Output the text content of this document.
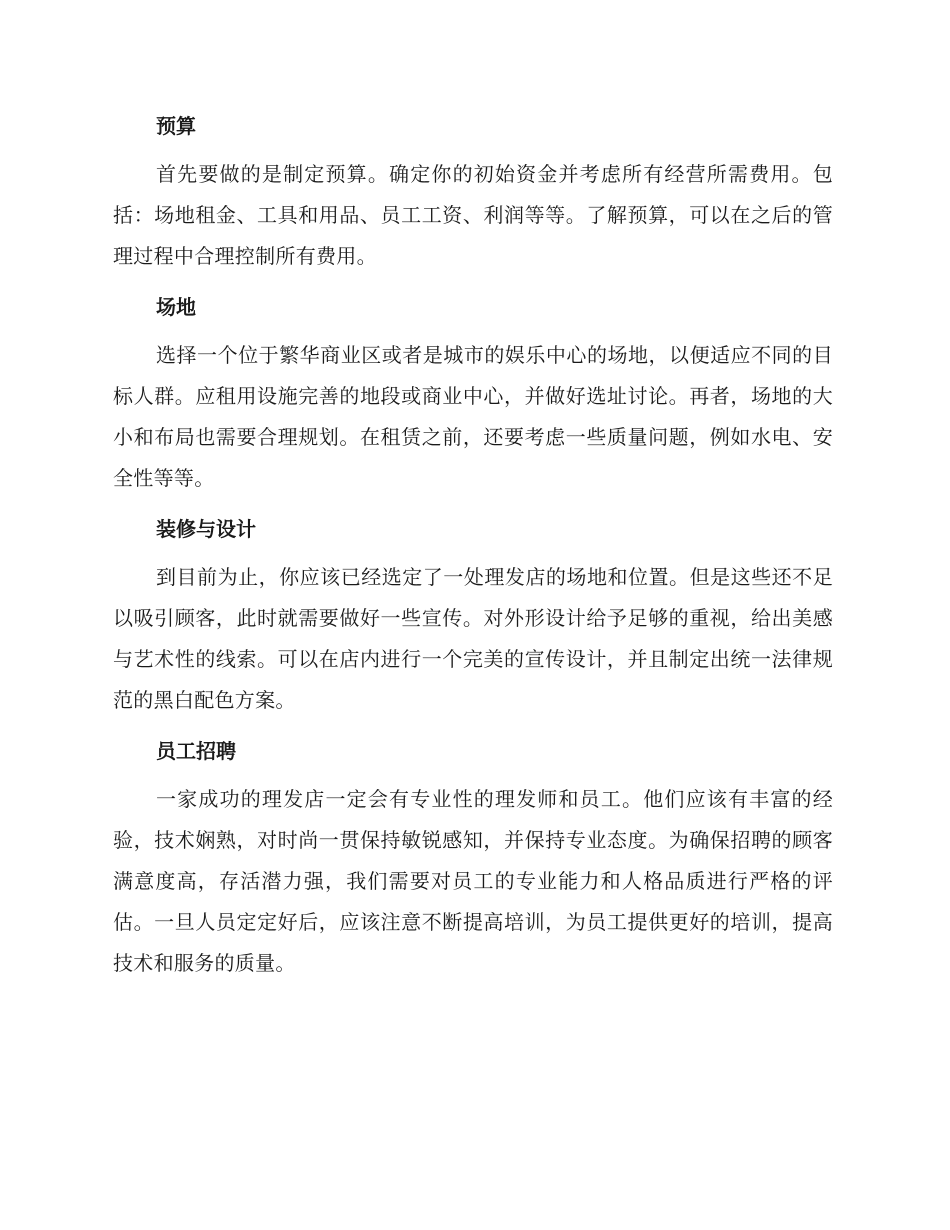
预算

首先要做的是制定预算。确定你的初始资金并考虑所有经营所需费用。包括：场地租金、工具和用品、员工工资、利润等等。了解预算，可以在之后的管理过程中合理控制所有费用。

场地

选择一个位于繁华商业区或者是城市的娱乐中心的场地，以便适应不同的目标人群。应租用设施完善的地段或商业中心，并做好选址讨论。再者，场地的大小和布局也需要合理规划。在租赁之前，还要考虑一些质量问题，例如水电、安全性等等。

装修与设计

到目前为止，你应该已经选定了一处理发店的场地和位置。但是这些还不足以吸引顾客，此时就需要做好一些宣传。对外形设计给予足够的重视，给出美感与艺术性的线索。可以在店内进行一个完美的宣传设计，并且制定出统一法律规范的黑白配色方案。

员工招聘

一家成功的理发店一定会有专业性的理发师和员工。他们应该有丰富的经验，技术娴熟，对时尚一贯保持敏锐感知，并保持专业态度。为确保招聘的顾客满意度高，存活潜力强，我们需要对员工的专业能力和人格品质进行严格的评估。一旦人员定定好后，应该注意不断提高培训，为员工提供更好的培训，提高技术和服务的质量。
